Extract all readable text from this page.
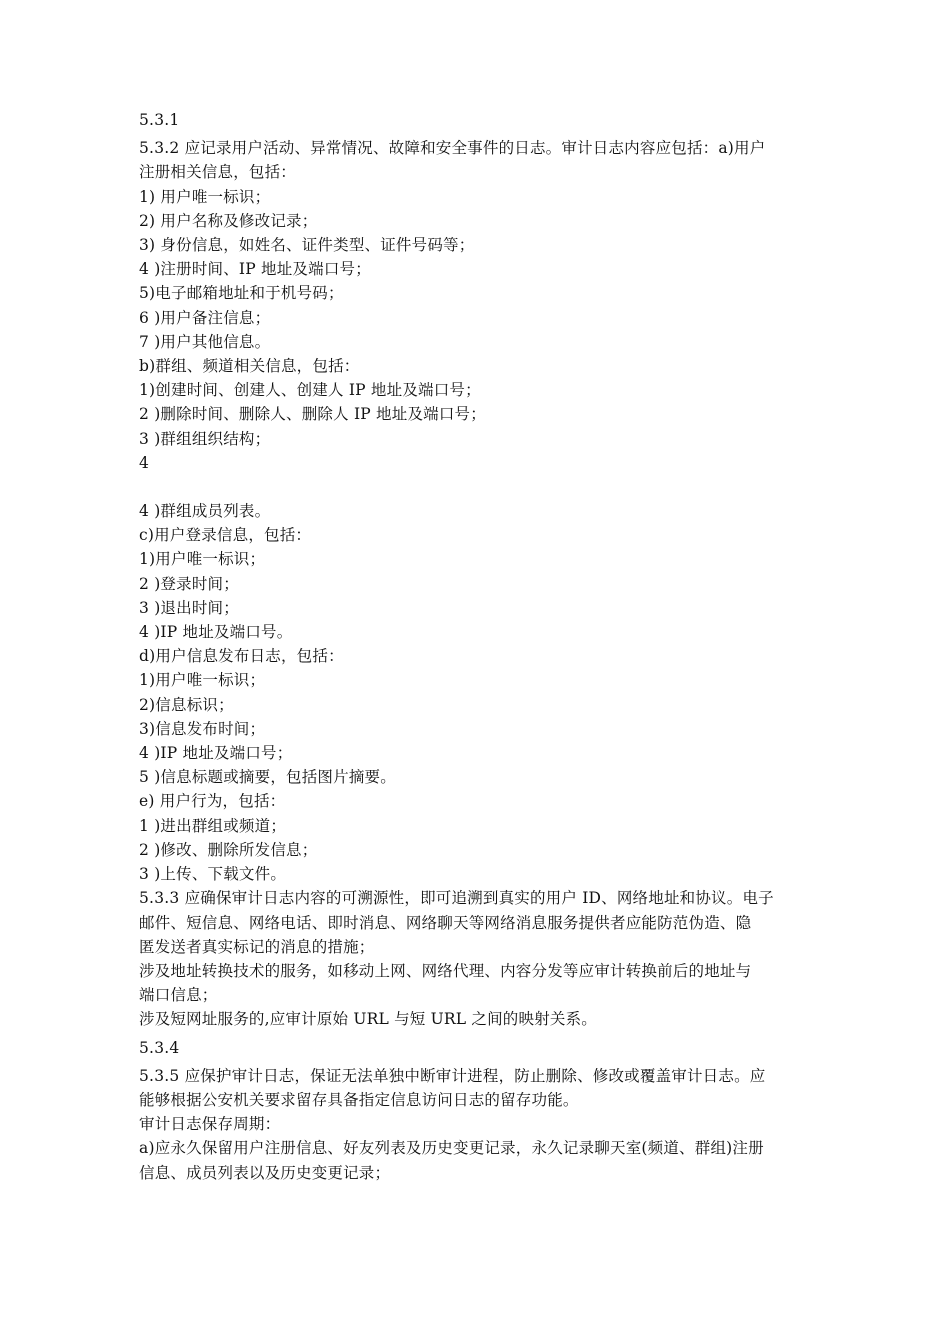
5.3.1
5.3.2 应记录用户活动、异常情况、故障和安全事件的日志。审计日志内容应包括：a)用户
注册相关信息，包括：
1) 用户唯一标识；
2) 用户名称及修改记录；
3) 身份信息，如姓名、证件类型、证件号码等；
4 )注册时间、IP 地址及端口号；
5)电子邮箱地址和于机号码；
6 )用户备注信息；
7 )用户其他信息。
b)群组、频道相关信息，包括：
1)创建时间、创建人、创建人 IP 地址及端口号；
2 )删除时间、删除人、删除人 IP 地址及端口号；
3 )群组组织结构；
4
4 )群组成员列表。
c)用户登录信息，包括：
1)用户唯一标识；
2 )登录时间；
3 )退出时间；
4 )IP 地址及端口号。
d)用户信息发布日志，包括：
1)用户唯一标识；
2)信息标识；
3)信息发布时间；
4 )IP 地址及端口号；
5 )信息标题或摘要，包括图片摘要。
e) 用户行为，包括：
1 )进出群组或频道；
2 )修改、删除所发信息；
3 )上传、下载文件。
5.3.3 应确保审计日志内容的可溯源性，即可追溯到真实的用户 ID、网络地址和协议。电子
邮件、短信息、网络电话、即时消息、网络聊天等网络消息服务提供者应能防范伪造、隐
匿发送者真实标记的消息的措施；
涉及地址转换技术的服务，如移动上网、网络代理、内容分发等应审计转换前后的地址与
端口信息；
涉及短网址服务的,应审计原始 URL 与短 URL 之间的映射关系。
5.3.4
5.3.5 应保护审计日志，保证无法单独中断审计进程，防止删除、修改或覆盖审计日志。应
能够根据公安机关要求留存具备指定信息访问日志的留存功能。
审计日志保存周期：
a)应永久保留用户注册信息、好友列表及历史变更记录，永久记录聊天室(频道、群组)注册
信息、成员列表以及历史变更记录；
